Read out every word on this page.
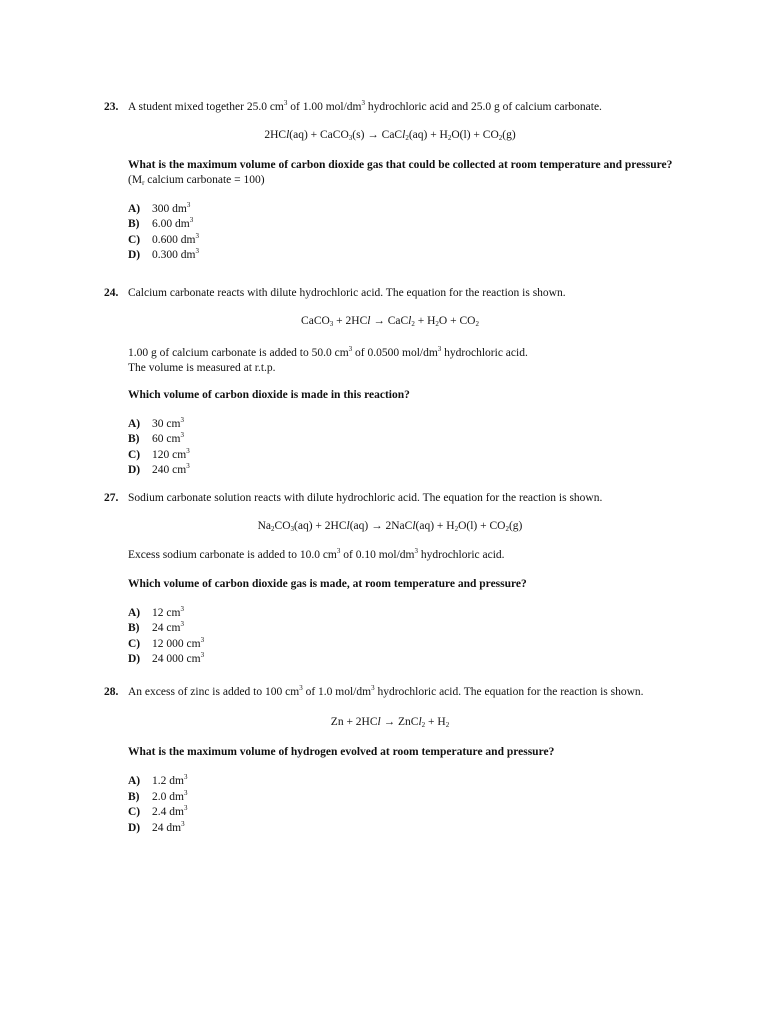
23. A student mixed together 25.0 $cm^3$ of 1.00 mol/$dm^3$ hydrochloric acid and 25.0 g of calcium carbonate.
2HCl(aq) + CaCO$_3$(s) → CaCl$_2$(aq) + $H_2O(l) + CO_2(g)$
What is the maximum volume of carbon dioxide gas that could be collected at room temperature and pressure?
($M_r$ calcium carbonate = 100)
A) 300 $dm^3$
B) 6.00 $dm^3$
C) 0.600 $dm^3$
D) 0.300 $dm^3$
24. Calcium carbonate reacts with dilute hydrochloric acid. The equation for the reaction is shown.
CaCO$_3$ + 2HCl → CaCl$_2$ + $H_2O + CO_2$
1.00 g of calcium carbonate is added to 50.0 $cm^3$ of 0.0500 mol/$dm^3$ hydrochloric acid.
The volume is measured at r.t.p.
Which volume of carbon dioxide is made in this reaction?
A) 30 $cm^3$
B) 60 $cm^3$
C) 120 $cm^3$
D) 240 $cm^3$
27. Sodium carbonate solution reacts with dilute hydrochloric acid. The equation for the reaction is shown.
$Na_2CO_3(aq) + 2HCl(aq)$ → 2NaCl(aq) + $H_2O(l) + CO_2(g)$
Excess sodium carbonate is added to 10.0 $cm^3$ of 0.10 mol/$dm^3$ hydrochloric acid.
Which volume of carbon dioxide gas is made, at room temperature and pressure?
A) 12 $cm^3$
B) 24 $cm^3$
C) 12 000 $cm^3$
D) 24 000 $cm^3$
28. An excess of zinc is added to 100 $cm^3$ of 1.0 mol/$dm^3$ hydrochloric acid. The equation for the reaction is shown.
Zn + 2HCl → ZnCl$_2$ + $H_2$
What is the maximum volume of hydrogen evolved at room temperature and pressure?
A) 1.2 $dm^3$
B) 2.0 $dm^3$
C) 2.4 $dm^3$
D) 24 $dm^3$
